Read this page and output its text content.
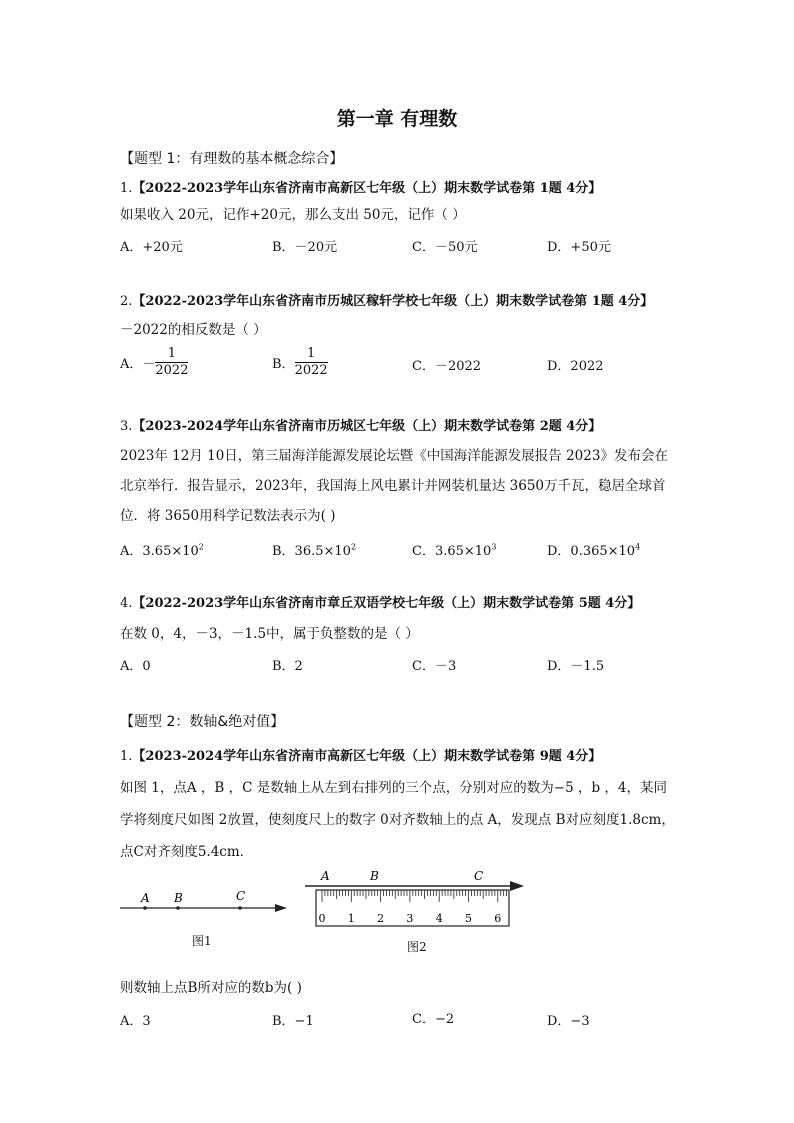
第一章 有理数
【题型 1：有理数的基本概念综合】
1.【2022-2023学年山东省济南市高新区七年级（上）期末数学试卷第 1题 4分】
如果收入 20元，记作+20元，那么支出 50元，记作（ ）
A．+20元	B．－20元	C．－50元	D．+50元
2.【2022-2023学年山东省济南市历城区稼轩学校七年级（上）期末数学试卷第 1题 4分】
－2022的相反数是（ ）
A．－ $\frac{1}{2022}$	B． $\frac{1}{2022}$	C．－2022	D．2022
3.【2023-2024学年山东省济南市历城区七年级（上）期末数学试卷第 2题 4分】
2023年 12月 10日，第三届海洋能源发展论坛暨《中国海洋能源发展报告 2023》发布会在
北京举行．报告显示，2023年，我国海上风电累计并网装机量达 3650万千瓦，稳居全球首
位．将 3650用科学记数法表示为( )
A．$3.65\times 10^2$	B．$36.5\times 10^2$	C．$3.65\times 10^3$	D．$0.365\times 10^4$
4.【2022-2023学年山东省济南市章丘双语学校七年级（上）期末数学试卷第 5题 4分】
在数 0，4，－3，－1.5中，属于负整数的是（ ）
A．0	B．2	C．－3	D．－1.5
【题型 2：数轴&绝对值】
1.【2023-2024学年山东省济南市高新区七年级（上）期末数学试卷第 9题 4分】
如图 1，点A ，B ，C 是数轴上从左到右排列的三个点，分别对应的数为−5 ，b ，4，某同
学将刻度尺如图 2放置，使刻度尺上的数字 0对齐数轴上的点 A，发现点 B对应刻度1.8cm，
点C对齐刻度5.4cm．
A B	C
图1
A	B	C
0 1 2 3 4 5 6
图2
则数轴上点B所对应的数b为( )
A．3	B．−1	C．−2	D．−3
